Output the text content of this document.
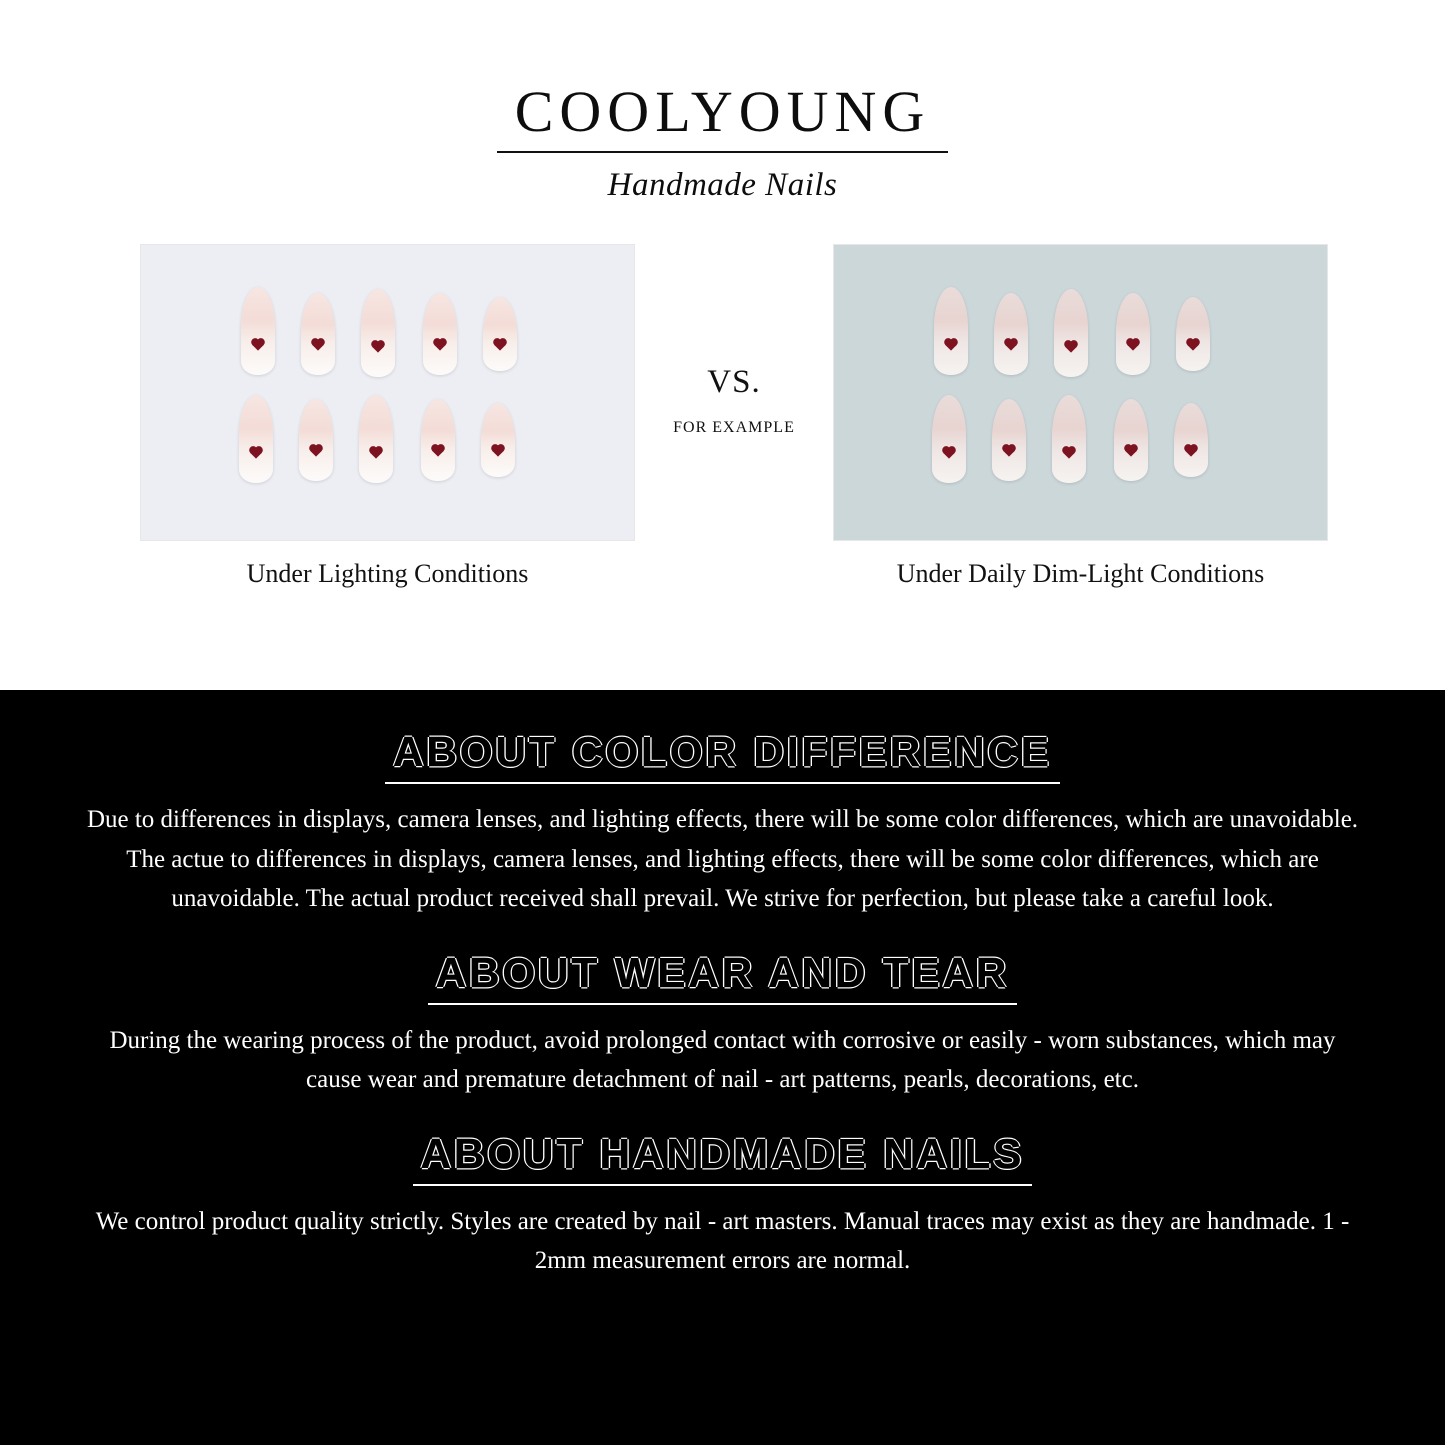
COOLYOUNG
Handmade Nails
VS.
FOR EXAMPLE
Under Lighting Conditions	Under Daily Dim-Light Conditions
ABOUT COLOR DIFFERENCE
Due to differences in displays, camera lenses, and lighting effects, there will be some color differences, which are unavoidable. The actue to differences in displays, camera lenses, and lighting effects, there will be some color differences, which are unavoidable. The actual product received shall prevail. We strive for perfection, but please take a careful look.
ABOUT WEAR AND TEAR
During the wearing process of the product, avoid prolonged contact with corrosive or easily - worn substances, which may cause wear and premature detachment of nail - art patterns, pearls, decorations, etc.
ABOUT HANDMADE NAILS
We control product quality strictly. Styles are created by nail - art masters. Manual traces may exist as they are handmade. 1 - 2mm measurement errors are normal.
